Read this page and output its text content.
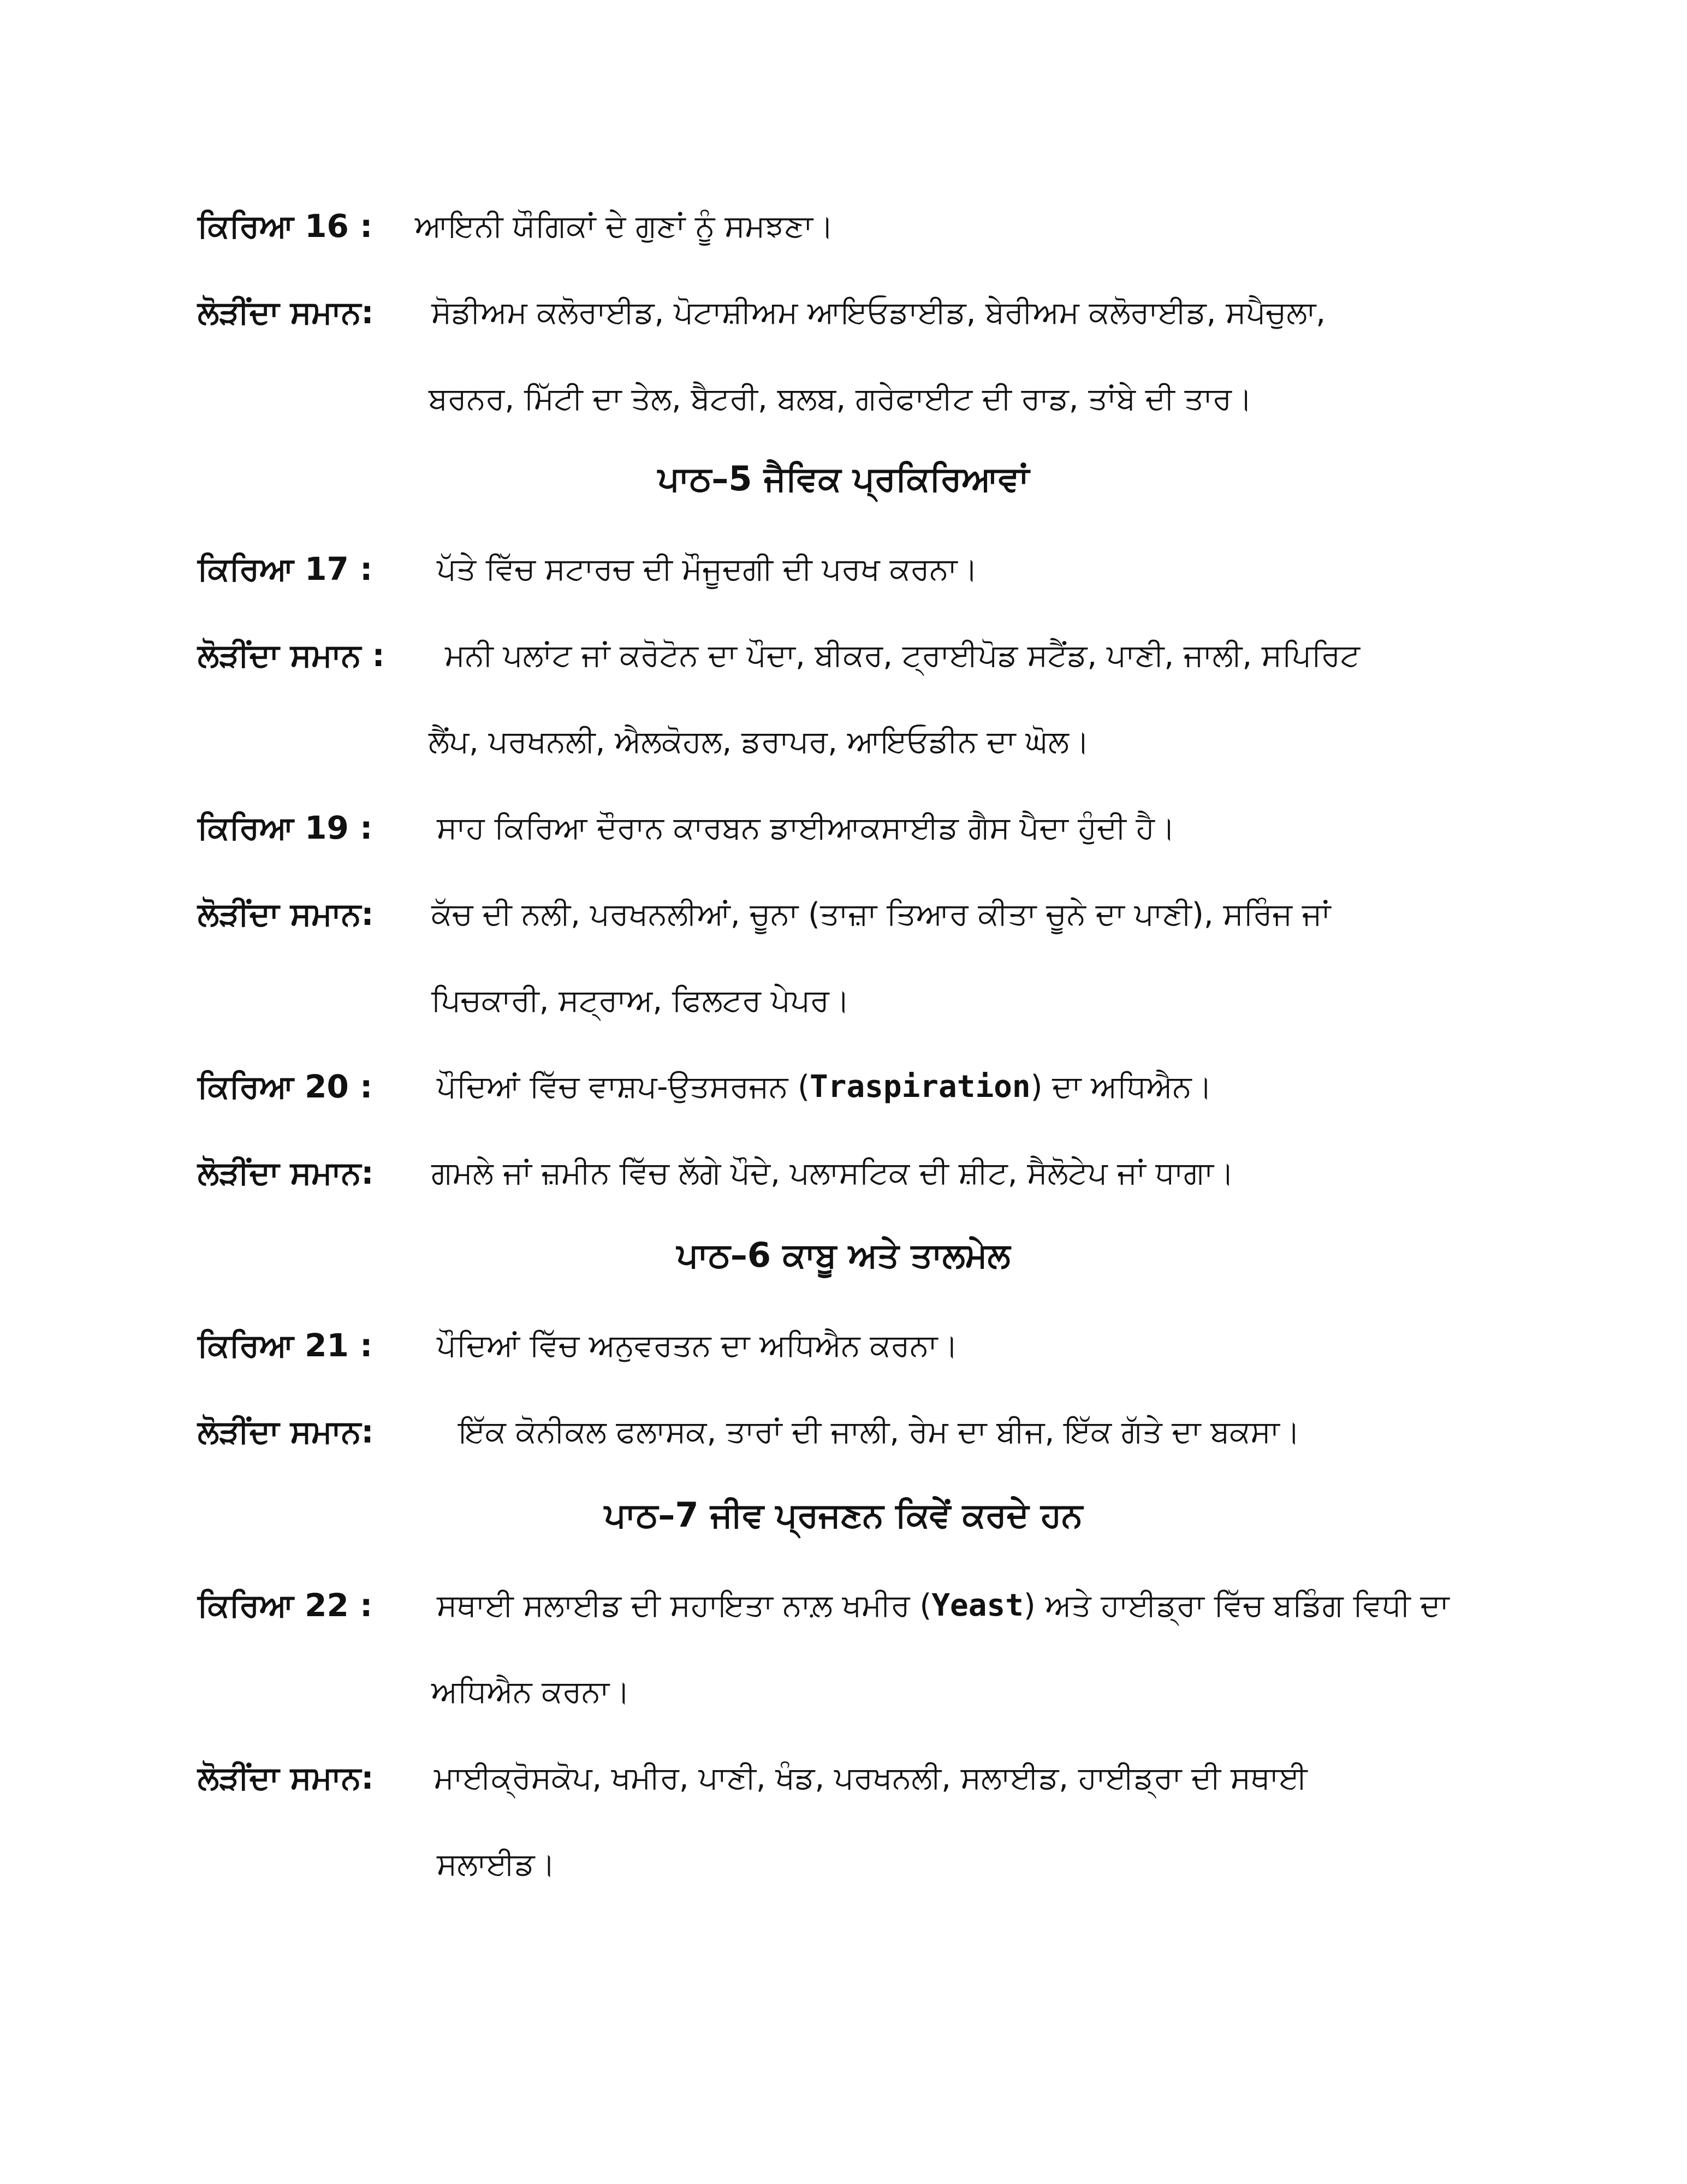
ਕਿਰਿਆ 16 : ਆਇਨੀ ਯੌਗਿਕਾਂ ਦੇ ਗੁਣਾਂ ਨੂੰ ਸਮਝਣਾ।
ਲੋੜੀਂਦਾ ਸਮਾਨ: ਸੋਡੀਅਮ ਕਲੋਰਾਈਡ, ਪੋਟਾਸ਼ੀਅਮ ਆਇਓਡਾਈਡ, ਬੇਰੀਅਮ ਕਲੋਰਾਈਡ, ਸਪੈਚੁਲਾ,
ਬਰਨਰ, ਮਿੱਟੀ ਦਾ ਤੇਲ, ਬੈਟਰੀ, ਬਲਬ, ਗਰੇਫਾਈਟ ਦੀ ਰਾਡ, ਤਾਂਬੇ ਦੀ ਤਾਰ।
ਪਾਠ–5 ਜੈਵਿਕ ਪ੍ਰਕਿਰਿਆਵਾਂ
ਕਿਰਿਆ 17 : ਪੱਤੇ ਵਿੱਚ ਸਟਾਰਚ ਦੀ ਮੌਜੂਦਗੀ ਦੀ ਪਰਖ ਕਰਨਾ।
ਲੋੜੀਂਦਾ ਸਮਾਨ : ਮਨੀ ਪਲਾਂਟ ਜਾਂ ਕਰੋਟੋਨ ਦਾ ਪੌਦਾ, ਬੀਕਰ, ਟ੍ਰਾਈਪੋਡ ਸਟੈਂਡ, ਪਾਣੀ, ਜਾਲੀ, ਸਪਿਰਿਟ
ਲੈਂਪ, ਪਰਖਨਲੀ, ਐਲਕੋਹਲ, ਡਰਾਪਰ, ਆਇਓਡੀਨ ਦਾ ਘੋਲ।
ਕਿਰਿਆ 19 : ਸਾਹ ਕਿਰਿਆ ਦੌਰਾਨ ਕਾਰਬਨ ਡਾਈਆਕਸਾਈਡ ਗੈਸ ਪੈਦਾ ਹੁੰਦੀ ਹੈ।
ਲੋੜੀਂਦਾ ਸਮਾਨ: ਕੱਚ ਦੀ ਨਲੀ, ਪਰਖਨਲੀਆਂ, ਚੂਨਾ (ਤਾਜ਼ਾ ਤਿਆਰ ਕੀਤਾ ਚੂਨੇ ਦਾ ਪਾਣੀ), ਸਰਿੰਜ ਜਾਂ
ਪਿਚਕਾਰੀ, ਸਟ੍ਰਾਅ, ਫਿਲਟਰ ਪੇਪਰ।
ਕਿਰਿਆ 20 : ਪੌਦਿਆਂ ਵਿੱਚ ਵਾਸ਼ਪ-ਉਤਸਰਜਨ (Traspiration) ਦਾ ਅਧਿਐਨ।
ਲੋੜੀਂਦਾ ਸਮਾਨ: ਗਮਲੇ ਜਾਂ ਜ਼ਮੀਨ ਵਿੱਚ ਲੱਗੇ ਪੌਦੇ, ਪਲਾਸਟਿਕ ਦੀ ਸ਼ੀਟ, ਸੈਲੋਟੇਪ ਜਾਂ ਧਾਗਾ।
ਪਾਠ–6 ਕਾਬੂ ਅਤੇ ਤਾਲਮੇਲ
ਕਿਰਿਆ 21 : ਪੌਦਿਆਂ ਵਿੱਚ ਅਨੁਵਰਤਨ ਦਾ ਅਧਿਐਨ ਕਰਨਾ।
ਲੋੜੀਂਦਾ ਸਮਾਨ:	ਇੱਕ ਕੋਨੀਕਲ ਫਲਾਸਕ, ਤਾਰਾਂ ਦੀ ਜਾਲੀ, ਰੇਮ ਦਾ ਬੀਜ, ਇੱਕ ਗੱਤੇ ਦਾ ਬਕਸਾ।
ਪਾਠ–7 ਜੀਵ ਪ੍ਰਜਣਨ ਕਿਵੇਂ ਕਰਦੇ ਹਨ
ਕਿਰਿਆ 22 : ਸਥਾਈ ਸਲਾਈਡ ਦੀ ਸਹਾਇਤਾ ਨਾਲ਼ ਖਮੀਰ (Yeast) ਅਤੇ ਹਾਈਡ੍ਰਾ ਵਿੱਚ ਬਡਿੰਗ ਵਿਧੀ ਦਾ
ਅਧਿਐਨ ਕਰਨਾ।
ਲੋੜੀਂਦਾ ਸਮਾਨ: ਮਾਈਕ੍ਰੋਸਕੋਪ, ਖਮੀਰ, ਪਾਣੀ, ਖੰਡ, ਪਰਖਨਲੀ, ਸਲਾਈਡ, ਹਾਈਡ੍ਰਾ ਦੀ ਸਥਾਈ
ਸਲਾਈਡ।
